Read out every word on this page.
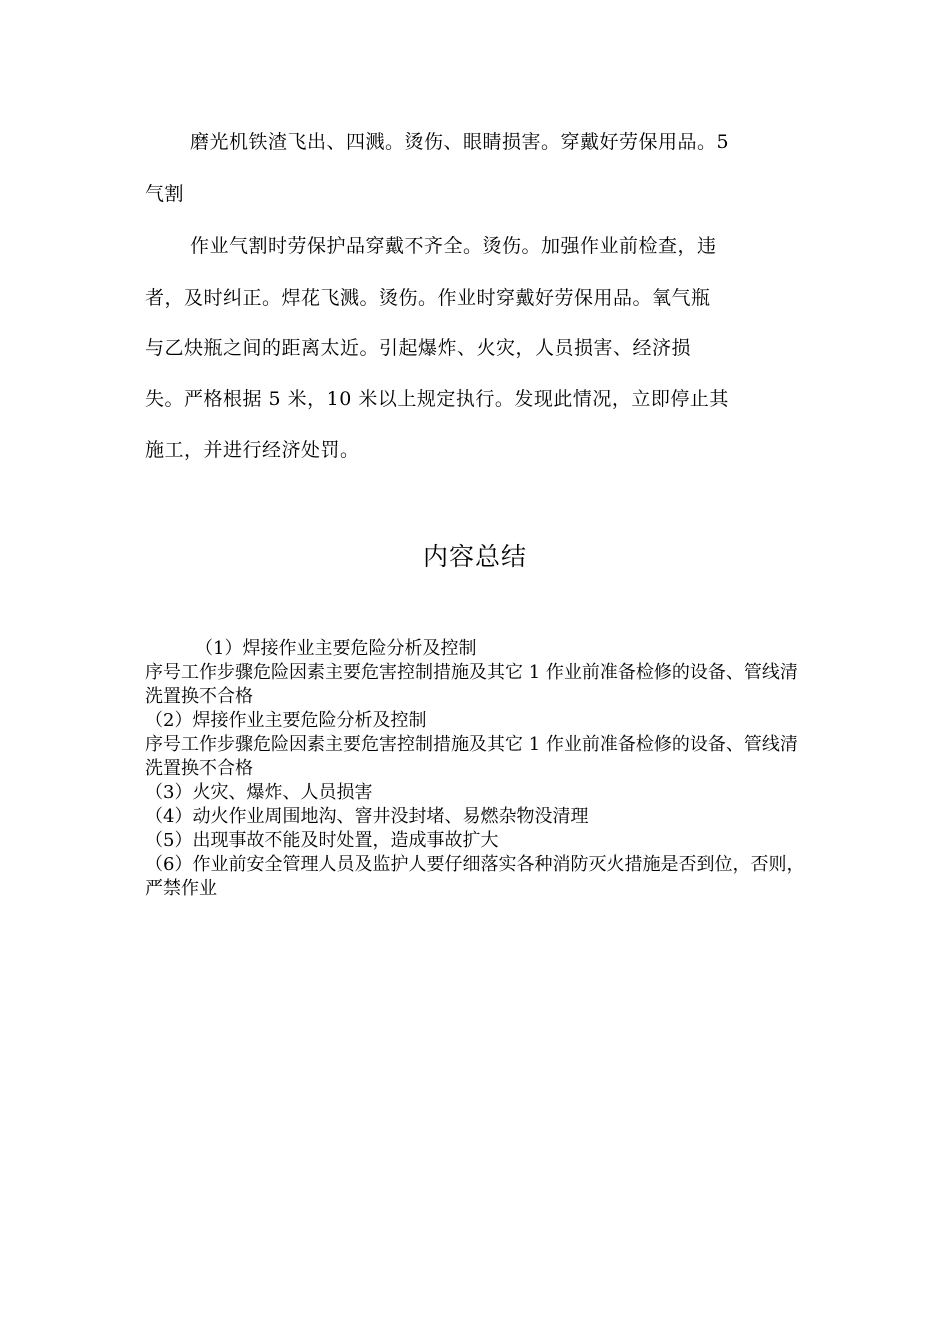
磨光机铁渣飞出、四溅。烫伤、眼睛损害。穿戴好劳保用品。5
气割
作业气割时劳保护品穿戴不齐全。烫伤。加强作业前检查，违
者，及时纠正。焊花飞溅。烫伤。作业时穿戴好劳保用品。氧气瓶
与乙炔瓶之间的距离太近。引起爆炸、火灾，人员损害、经济损
失。严格根据 5 米，10 米以上规定执行。发现此情况，立即停止其
施工，并进行经济处罚。
内容总结

（1）焊接作业主要危险分析及控制

序号工作步骤危险因素主要危害控制措施及其它 1 作业前准备检修的设备、管线清洗置换不合格

（2）焊接作业主要危险分析及控制

序号工作步骤危险因素主要危害控制措施及其它 1 作业前准备检修的设备、管线清洗置换不合格

（3）火灾、爆炸、人员损害

（4）动火作业周围地沟、窨井没封堵、易燃杂物没清理

（5）出现事故不能及时处置，造成事故扩大

（6）作业前安全管理人员及监护人要仔细落实各种消防灭火措施是否到位，否则，严禁作业
